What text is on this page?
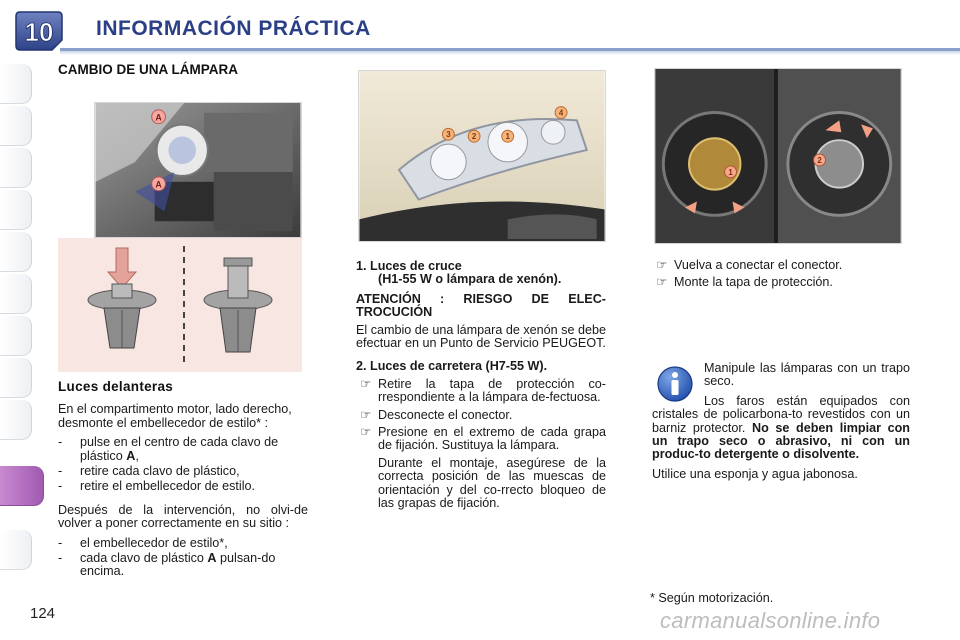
10 INFORMACIÓN PRÁCTICA
CAMBIO DE UNA LÁMPARA
A
A
1
2
3
4
1
2
Luces delanteras

En el compartimento motor, lado derecho, desmonte el embellecedor de estilo* :

-	pulse en el centro de cada clavo de plástico A,
-	retire cada clavo de plástico,
-	retire el embellecedor de estilo.

Después de la intervención, no olvi-de volver a poner correctamente en su sitio :

-	el embellecedor de estilo*,
-	cada clavo de plástico A pulsan-do encima.
1. Luces de cruce
(H1-55 W o lámpara de xenón).
ATENCIÓN : RIESGO DE ELEC-TROCUCIÓN

El cambio de una lámpara de xenón se debe efectuar en un Punto de Servicio PEUGEOT.

2. Luces de carretera (H7-55 W).
☞ Retire la tapa de protección co-rrespondiente a la lámpara de-fectuosa.
☞ Desconecte el conector.
☞ Presione en el extremo de cada grapa de fijación. Sustituya la lámpara.

Durante el montaje, asegúrese de la correcta posición de las muescas de orientación y del co-rrecto bloqueo de las grapas de fijación.

☞ Vuelva a conectar el conector.
☞ Monte la tapa de protección.

Manipule las lámparas con un trapo seco.

Los faros están equipados con cristales de policarbona-to revestidos con un barniz protector. No se deben limpiar con un trapo seco o abrasivo, ni con un produc-to detergente o disolvente.

Utilice una esponja y agua jabonosa.

* Según motorización.
124	carmanualsonline.info
